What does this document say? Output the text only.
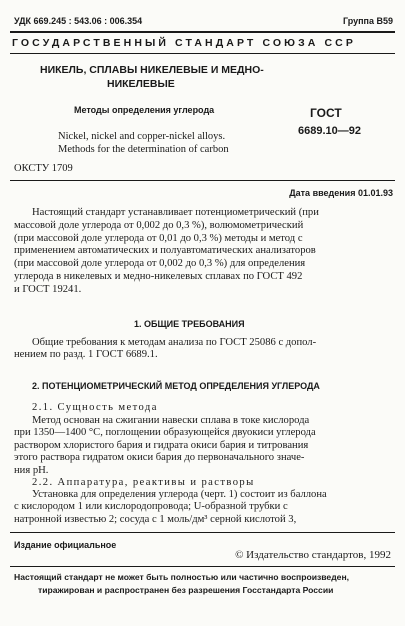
УДК 669.245 : 543.06 : 006.354	Группа В59
ГОСУДАРСТВЕННЫЙ СТАНДАРТ СОЮЗА ССР
НИКЕЛЬ, СПЛАВЫ НИКЕЛЕВЫЕ И МЕДНО-
НИКЕЛЕВЫЕ
Методы определения углерода
Nickel, nickel and copper-nickel alloys.
Methods for the determination of carbon
ГОСТ
6689.10—92
ОКСТУ 1709
Дата введения 01.01.93
Настоящий стандарт устанавливает потенциометрический (при
массовой доле углерода от 0,002 до 0,3 %), волюмометрический
(при массовой доле углерода от 0,01 до 0,3 %) методы и метод с
применением автоматических и полуавтоматических анализаторов
(при массовой доле углерода от 0,002 до 0,3 %) для определения
углерода в никелевых и медно-никелевых сплавах по ГОСТ 492
и ГОСТ 19241.
1. ОБЩИЕ ТРЕБОВАНИЯ
Общие требования к методам анализа по ГОСТ 25086 с допол-
нением по разд. 1 ГОСТ 6689.1.
2. ПОТЕНЦИОМЕТРИЧЕСКИЙ МЕТОД ОПРЕДЕЛЕНИЯ УГЛЕРОДА
2.1. Сущность метода
Метод основан на сжигании навески сплава в токе кислорода
при 1350—1400 °С, поглощении образующейся двуокиси углерода
раствором хлористого бария и гидрата окиси бария и титрования
этого раствора гидратом окиси бария до первоначального значе-
ния рН.
2.2. Аппаратура, реактивы и растворы
Установка для определения углерода (черт. 1) состоит из баллона
с кислородом 1 или кислородопровода; U-образной трубки с
натронной известью 2; сосуда с 1 моль/дм³ серной кислотой 3,
Издание официальное
© Издательство стандартов, 1992
Настоящий стандарт не может быть полностью или частично воспроизведен,
тиражирован и распространен без разрешения Госстандарта России
